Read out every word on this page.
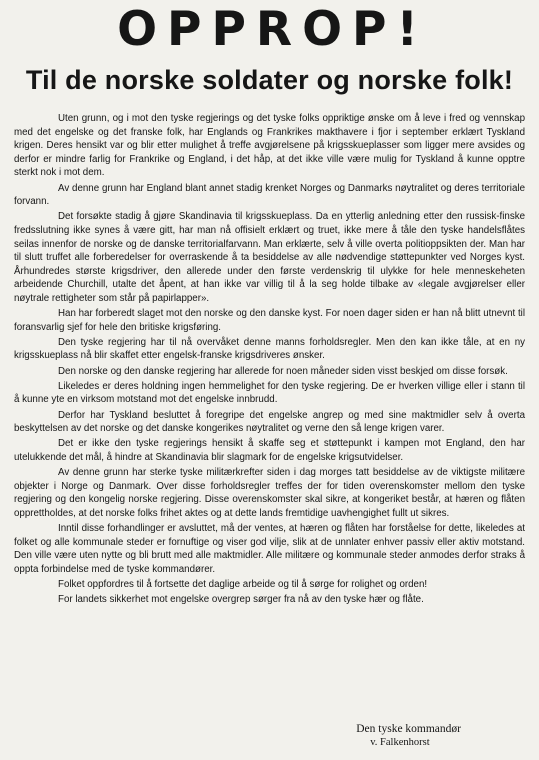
OPPROP!
Til de norske soldater og norske folk!

Uten grunn, og i mot den tyske regjerings og det tyske folks oppriktige ønske om å leve i fred og vennskap med det engelske og det franske folk, har Englands og Frankrikes makthavere i fjor i september erklært Tyskland krigen. Deres hensikt var og blir etter mulighet å treffe avgjørelsene på krigsskueplasser som ligger mere avsides og derfor er mindre farlig for Frankrike og England, i det håp, at det ikke ville være mulig for Tyskland å kunne opptre sterkt nok i mot dem.

Av denne grunn har England blant annet stadig krenket Norges og Danmarks nøytralitet og deres territoriale forvann.

Det forsøkte stadig å gjøre Skandinavia til krigsskueplass. Da en ytterlig anledning etter den russisk-finske fredsslutning ikke synes å være gitt, har man nå offisielt erklært og truet, ikke mere å tåle den tyske handelsflåtes seilas innenfor de norske og de danske territorialfarvann. Man erklærte, selv å ville overta politioppsikten der. Man har til slutt truffet alle forberedelser for overraskende å ta besiddelse av alle nødvendige støttepunkter ved Norges kyst. Århundredes største krigsdriver, den allerede under den første verdenskrig til ulykke for hele menneskeheten arbeidende Churchill, utalte det åpent, at han ikke var villig til å la seg holde tilbake av «legale avgjørelser eller nøytrale rettigheter som står på papirlapper».

Han har forberedt slaget mot den norske og den danske kyst. For noen dager siden er han nå blitt utnevnt til foransvarlig sjef for hele den britiske krigsføring.

Den tyske regjering har til nå overvåket denne manns forholdsregler. Men den kan ikke tåle, at en ny krigsskueplass nå blir skaffet etter engelsk-franske krigsdriveres ønsker.

Den norske og den danske regjering har allerede for noen måneder siden visst beskjed om disse forsøk.

Likeledes er deres holdning ingen hemmelighet for den tyske regjering. De er hverken villige eller i stann til å kunne yte en virksom motstand mot det engelske innbrudd.

Derfor har Tyskland besluttet å foregripe det engelske angrep og med sine maktmidler selv å overta beskyttelsen av det norske og det danske kongerikes nøytralitet og verne den så lenge krigen varer.

Det er ikke den tyske regjerings hensikt å skaffe seg et støttepunkt i kampen mot England, den har utelukkende det mål, å hindre at Skandinavia blir slagmark for de engelske krigsutvidelser.

Av denne grunn har sterke tyske militærkrefter siden i dag morges tatt besiddelse av de viktigste militære objekter i Norge og Danmark. Over disse forholdsregler treffes der for tiden overenskomster mellom den tyske regjering og den kongelig norske regjering. Disse overenskomster skal sikre, at kongeriket består, at hæren og flåten opprettholdes, at det norske folks frihet aktes og at dette lands fremtidige uavhengighet fullt ut sikres.

Inntil disse forhandlinger er avsluttet, må der ventes, at hæren og flåten har forståelse for dette, likeledes at folket og alle kommunale steder er fornuftige og viser god vilje, slik at de unnlater enhver passiv eller aktiv motstand. Den ville være uten nytte og bli brutt med alle maktmidler. Alle militære og kommunale steder anmodes derfor straks å oppta forbindelse med de tyske kommandører.

Folket oppfordres til å fortsette det daglige arbeide og til å sørge for rolighet og orden!

For landets sikkerhet mot engelske overgrep sørger fra nå av den tyske hær og flåte.

Den tyske kommandør
v. Falkenhorst
